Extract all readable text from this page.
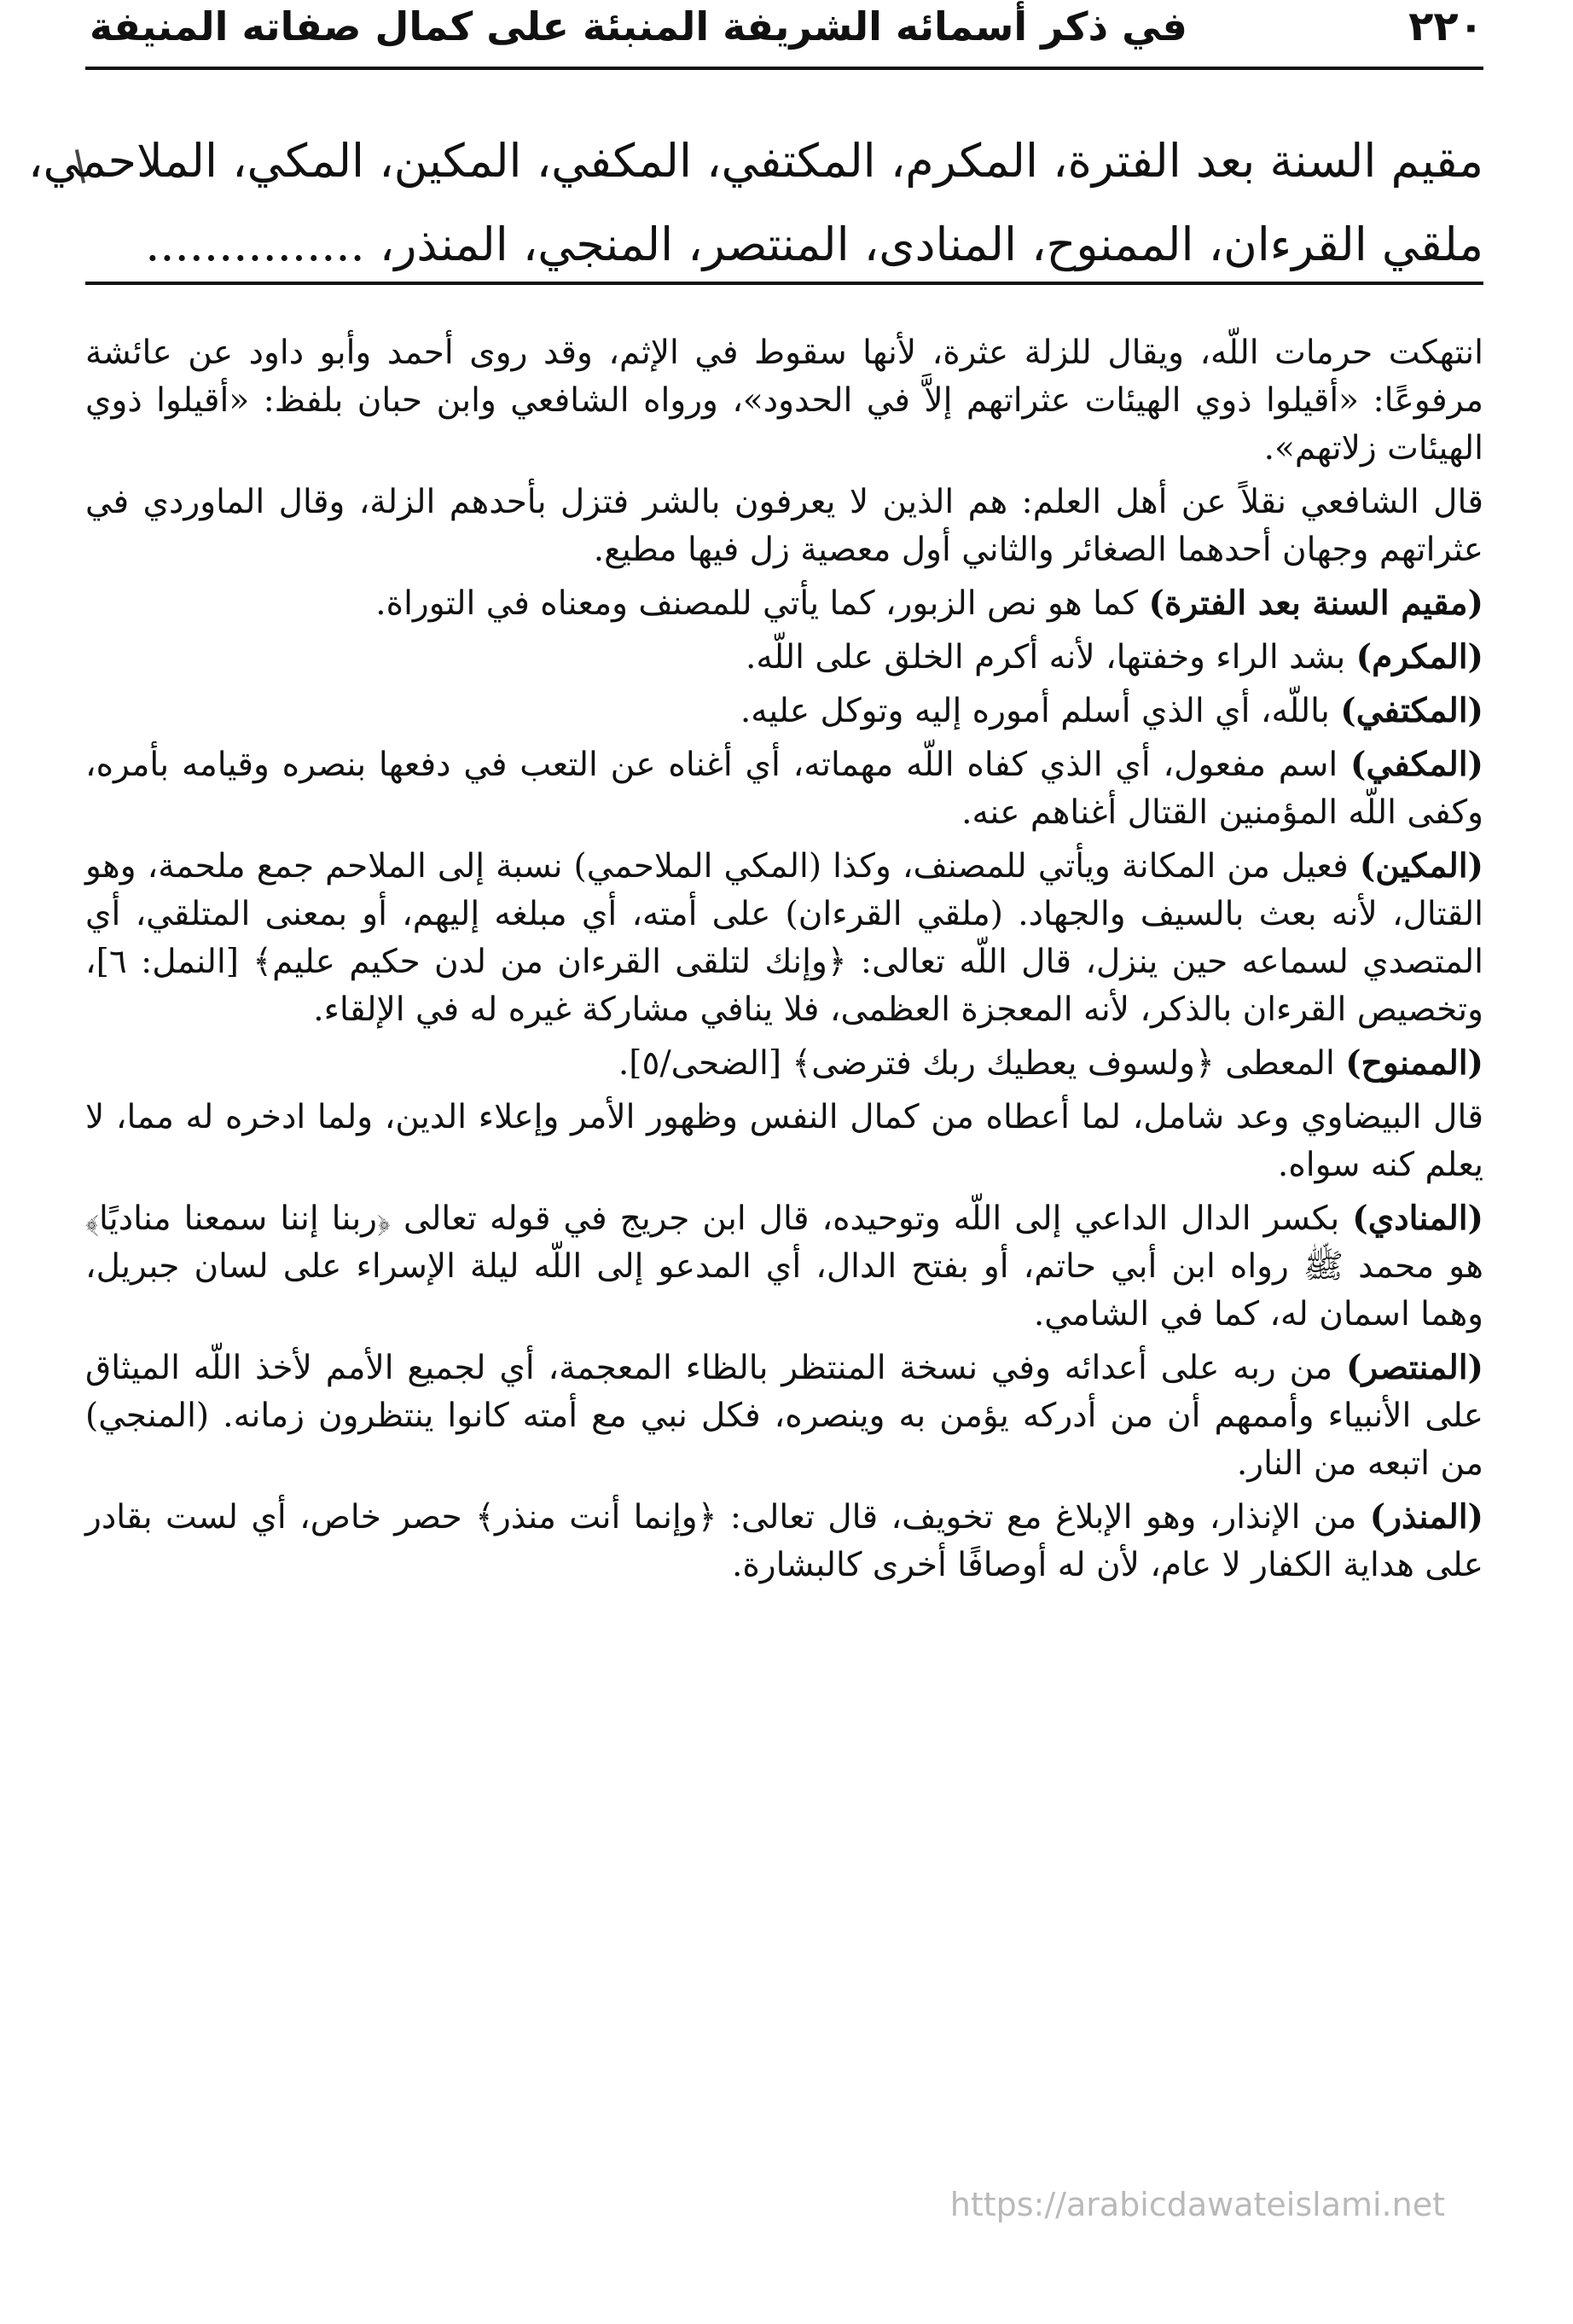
٢٢٠
في ذكر أسمائه الشريفة المنبئة على كمال صفاته المنيفة
مقيم السنة بعد الفترة، المكرم، المكتفي، المكفي، المكين، المكي، الملاحمي،
ملقي القرءان، الممنوح، المنادى، المنتصر، المنجي، المنذر، ...............

انتهكت حرمات اللّه، ويقال للزلة عثرة، لأنها سقوط في الإثم، وقد روى أحمد وأبو داود عن عائشة مرفوعًا: «أقيلوا ذوي الهيئات عثراتهم إلاَّ في الحدود»، ورواه الشافعي وابن حبان بلفظ: «أقيلوا ذوي الهيئات زلاتهم».

قال الشافعي نقلاً عن أهل العلم: هم الذين لا يعرفون بالشر فتزل بأحدهم الزلة، وقال الماوردي في عثراتهم وجهان أحدهما الصغائر والثاني أول معصية زل فيها مطيع.

(مقيم السنة بعد الفترة) كما هو نص الزبور، كما يأتي للمصنف ومعناه في التوراة.

(المكرم) بشد الراء وخفتها، لأنه أكرم الخلق على اللّه.

(المكتفي) باللّه، أي الذي أسلم أموره إليه وتوكل عليه.

(المكفي) اسم مفعول، أي الذي كفاه اللّه مهماته، أي أغناه عن التعب في دفعها بنصره وقيامه بأمره، وكفى اللّه المؤمنين القتال أغناهم عنه.

(المكين) فعيل من المكانة ويأتي للمصنف، وكذا (المكي الملاحمي) نسبة إلى الملاحم جمع ملحمة، وهو القتال، لأنه بعث بالسيف والجهاد. (ملقي القرءان) على أمته، أي مبلغه إليهم، أو بمعنى المتلقي، أي المتصدي لسماعه حين ينزل، قال اللّه تعالى: ﴿وإنك لتلقى القرءان من لدن حكيم عليم﴾ [النمل: ٦]، وتخصيص القرءان بالذكر، لأنه المعجزة العظمى، فلا ينافي مشاركة غيره له في الإلقاء.

(الممنوح) المعطى ﴿ولسوف يعطيك ربك فترضى﴾ [الضحى/٥].

قال البيضاوي وعد شامل، لما أعطاه من كمال النفس وظهور الأمر وإعلاء الدين، ولما ادخره له مما، لا يعلم كنه سواه.

(المنادي) بكسر الدال الداعي إلى اللّه وتوحيده، قال ابن جريج في قوله تعالى ﴿ربنا إننا سمعنا مناديًا﴾ هو محمد ﷺ رواه ابن أبي حاتم، أو بفتح الدال، أي المدعو إلى اللّه ليلة الإسراء على لسان جبريل، وهما اسمان له، كما في الشامي.

(المنتصر) من ربه على أعدائه وفي نسخة المنتظر بالظاء المعجمة، أي لجميع الأمم لأخذ اللّه الميثاق على الأنبياء وأممهم أن من أدركه يؤمن به وينصره، فكل نبي مع أمته كانوا ينتظرون زمانه. (المنجي) من اتبعه من النار.

(المنذر) من الإنذار، وهو الإبلاغ مع تخويف، قال تعالى: ﴿وإنما أنت منذر﴾ حصر خاص، أي لست بقادر على هداية الكفار لا عام، لأن له أوصافًا أخرى كالبشارة.

https://arabicdawateislami.net
